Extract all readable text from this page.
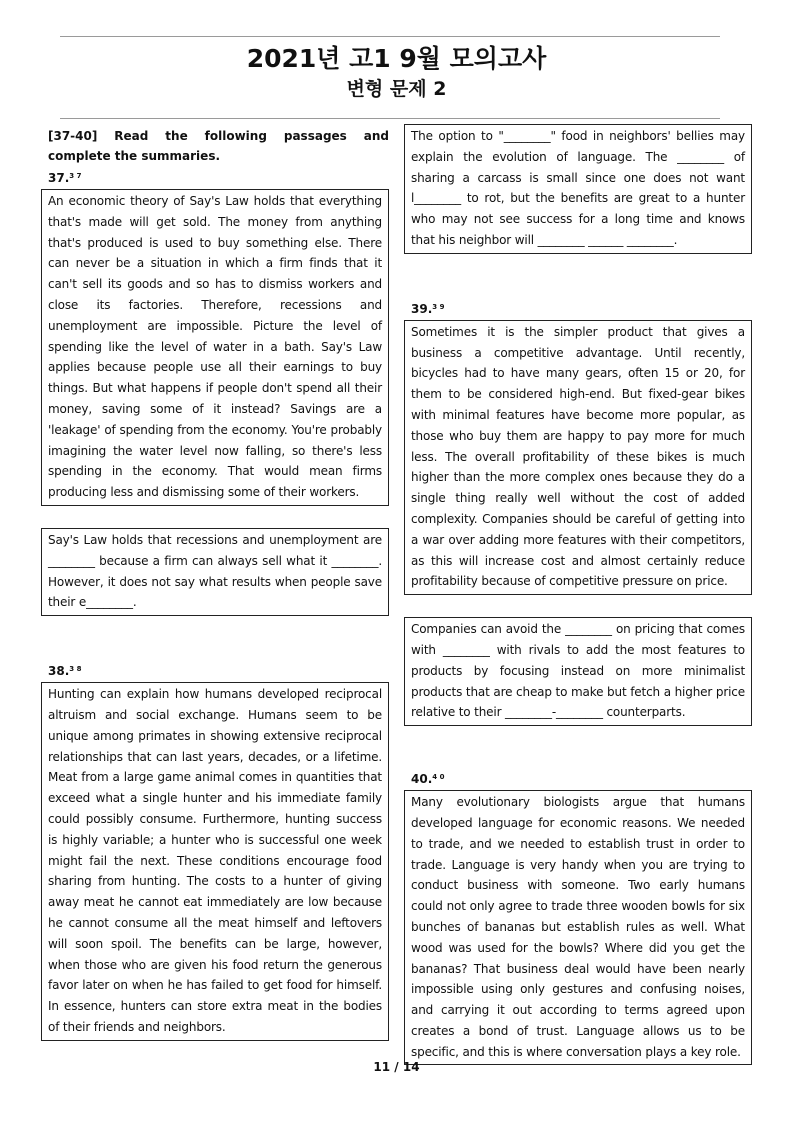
2021년 고1 9월 모의고사
변형 문제 2
[37-40] Read the following passages and complete the summaries.
37.$^{3 7}$
An economic theory of Say's Law holds that everything that's made will get sold. The money from anything that's produced is used to buy something else. There can never be a situation in which a firm finds that it can't sell its goods and so has to dismiss workers and close its factories. Therefore, recessions and unemployment are impossible. Picture the level of spending like the level of water in a bath. Say's Law applies because people use all their earnings to buy things. But what happens if people don't spend all their money, saving some of it instead? Savings are a 'leakage' of spending from the economy. You're probably imagining the water level now falling, so there's less spending in the economy. That would mean firms producing less and dismissing some of their workers.
Say's Law holds that recessions and unemployment are ________ because a firm can always sell what it ________. However, it does not say what results when people save their e________.
38.$^{3 8}$
Hunting can explain how humans developed reciprocal altruism and social exchange. Humans seem to be unique among primates in showing extensive reciprocal relationships that can last years, decades, or a lifetime. Meat from a large game animal comes in quantities that exceed what a single hunter and his immediate family could possibly consume. Furthermore, hunting success is highly variable; a hunter who is successful one week might fail the next. These conditions encourage food sharing from hunting. The costs to a hunter of giving away meat he cannot eat immediately are low because he cannot consume all the meat himself and leftovers will soon spoil. The benefits can be large, however, when those who are given his food return the generous favor later on when he has failed to get food for himself. In essence, hunters can store extra meat in the bodies of their friends and neighbors.
The option to "________" food in neighbors' bellies may explain the evolution of language. The ________ of sharing a carcass is small since one does not want l________ to rot, but the benefits are great to a hunter who may not see success for a long time and knows that his neighbor will ________ ______ ________.
39.$^{3 9}$
Sometimes it is the simpler product that gives a business a competitive advantage. Until recently, bicycles had to have many gears, often 15 or 20, for them to be considered high-end. But fixed-gear bikes with minimal features have become more popular, as those who buy them are happy to pay more for much less. The overall profitability of these bikes is much higher than the more complex ones because they do a single thing really well without the cost of added complexity. Companies should be careful of getting into a war over adding more features with their competitors, as this will increase cost and almost certainly reduce profitability because of competitive pressure on price.
Companies can avoid the ________ on pricing that comes with ________ with rivals to add the most features to products by focusing instead on more minimalist products that are cheap to make but fetch a higher price relative to their ________-________ counterparts.
40.$^{4 0}$
Many evolutionary biologists argue that humans developed language for economic reasons. We needed to trade, and we needed to establish trust in order to trade. Language is very handy when you are trying to conduct business with someone. Two early humans could not only agree to trade three wooden bowls for six bunches of bananas but establish rules as well. What wood was used for the bowls? Where did you get the bananas? That business deal would have been nearly impossible using only gestures and confusing noises, and carrying it out according to terms agreed upon creates a bond of trust. Language allows us to be specific, and this is where conversation plays a key role.
11 / 14
